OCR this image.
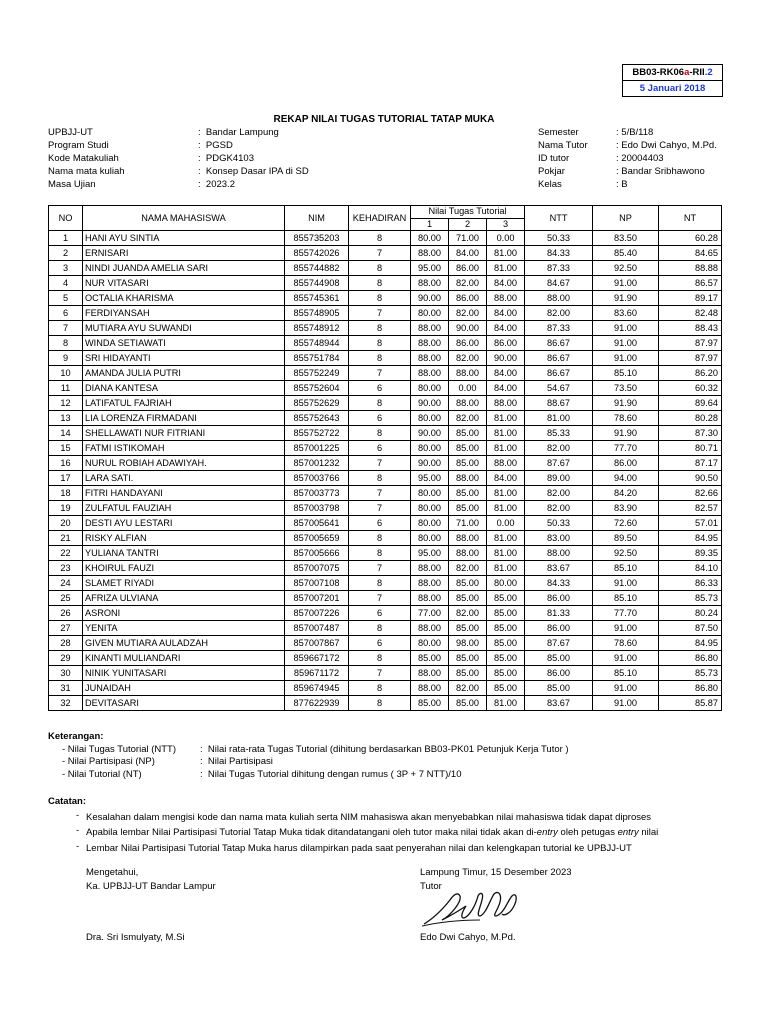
BB03-RK06a-RII.2
5 Januari 2018
REKAP NILAI TUGAS TUTORIAL TATAP MUKA
UPBJJ-UT	:  Bandar Lampung
Program Studi	:  PGSD
Kode Matakuliah	:  PDGK4103
Nama mata kuliah	:  Konsep Dasar IPA di SD
Masa Ujian	:  2023.2
Semester	: 5/B/118
Nama Tutor	: Edo Dwi Cahyo, M.Pd.
ID tutor	: 20004403
Pokjar	: Bandar Sribhawono
Kelas	: B
NO	NAMA MAHASISWA	NIM	KEHADIRAN	Nilai Tugas Tutorial			NTT	NP	NT
				1	2	3			
1	HANI AYU SINTIA	855735203	8	80.00	71.00	0.00	50.33	83.50	60.28
2	ERNISARI	855742026	7	88.00	84.00	81.00	84.33	85.40	84.65
3	NINDI JUANDA AMELIA SARI	855744882	8	95.00	86.00	81.00	87.33	92.50	88.88
4	NUR VITASARI	855744908	8	88.00	82.00	84.00	84.67	91.00	86.57
5	OCTALIA KHARISMA	855745361	8	90.00	86.00	88.00	88.00	91.90	89.17
6	FERDIYANSAH	855748905	7	80.00	82.00	84.00	82.00	83.60	82.48
7	MUTIARA AYU SUWANDI	855748912	8	88.00	90.00	84.00	87.33	91.00	88.43
8	WINDA SETIAWATI	855748944	8	88.00	86.00	86.00	86.67	91.00	87.97
9	SRI HIDAYANTI	855751784	8	88.00	82.00	90.00	86.67	91.00	87.97
10	AMANDA JULIA PUTRI	855752249	7	88.00	88.00	84.00	86.67	85.10	86.20
11	DIANA KANTESA	855752604	6	80.00	0.00	84.00	54.67	73.50	60.32
12	LATIFATUL FAJRIAH	855752629	8	90.00	88.00	88.00	88.67	91.90	89.64
13	LIA LORENZA FIRMADANI	855752643	6	80.00	82.00	81.00	81.00	78.60	80.28
14	SHELLAWATI NUR FITRIANI	855752722	8	90.00	85.00	81.00	85.33	91.90	87.30
15	FATMI ISTIKOMAH	857001225	6	80.00	85.00	81.00	82.00	77.70	80.71
16	NURUL ROBIAH ADAWIYAH.	857001232	7	90.00	85.00	88.00	87.67	86.00	87.17
17	LARA SATI.	857003766	8	95.00	88.00	84.00	89.00	94.00	90.50
18	FITRI HANDAYANI	857003773	7	80.00	85.00	81.00	82.00	84.20	82.66
19	ZULFATUL FAUZIAH	857003798	7	80.00	85.00	81.00	82.00	83.90	82.57
20	DESTI AYU LESTARI	857005641	6	80.00	71.00	0.00	50.33	72.60	57.01
21	RISKY ALFIAN	857005659	8	80.00	88.00	81.00	83.00	89.50	84.95
22	YULIANA TANTRI	857005666	8	95.00	88.00	81.00	88.00	92.50	89.35
23	KHOIRUL FAUZI	857007075	7	88.00	82.00	81.00	83.67	85.10	84.10
24	SLAMET RIYADI	857007108	8	88.00	85.00	80.00	84.33	91.00	86.33
25	AFRIZA ULVIANA	857007201	7	88.00	85.00	85.00	86.00	85.10	85.73
26	ASRONI	857007226	6	77.00	82.00	85.00	81.33	77.70	80.24
27	YENITA	857007487	8	88.00	85.00	85.00	86.00	91.00	87.50
28	GIVEN MUTIARA AULADZAH	857007867	6	80.00	98.00	85.00	87.67	78.60	84.95
29	KINANTI MULIANDARI	859667172	8	85.00	85.00	85.00	85.00	91.00	86.80
30	NINIK YUNITASARI	859671172	7	88.00	85.00	85.00	86.00	85.10	85.73
31	JUNAIDAH	859674945	8	88.00	82.00	85.00	85.00	91.00	86.80
32	DEVITASARI	877622939	8	85.00	85.00	81.00	83.67	91.00	85.87
Keterangan:
- Nilai Tugas Tutorial (NTT)	:  Nilai rata-rata Tugas Tutorial (dihitung berdasarkan BB03-PK01 Petunjuk Kerja Tutor )
- Nilai Partisipasi (NP)	:  Nilai Partisipasi
- Nilai Tutorial (NT)	:  Nilai Tugas Tutorial dihitung dengan rumus ( 3P + 7 NTT)/10
Catatan:
- Kesalahan dalam mengisi kode dan nama mata kuliah serta NIM mahasiswa akan menyebabkan nilai mahasiswa tidak dapat diproses
- Apabila lembar Nilai Partisipasi Tutorial Tatap Muka tidak ditandatangani oleh tutor maka nilai tidak akan di-entry oleh petugas entry nilai
- Lembar Nilai Partisipasi Tutorial Tatap Muka harus dilampirkan pada saat penyerahan nilai dan kelengkapan tutorial ke UPBJJ-UT
Mengetahui,
Ka. UPBJJ-UT Bandar Lampur
Dra. Sri Ismulyaty, M.Si
Lampung Timur, 15 Desember 2023
Tutor
Edo Dwi Cahyo, M.Pd.
